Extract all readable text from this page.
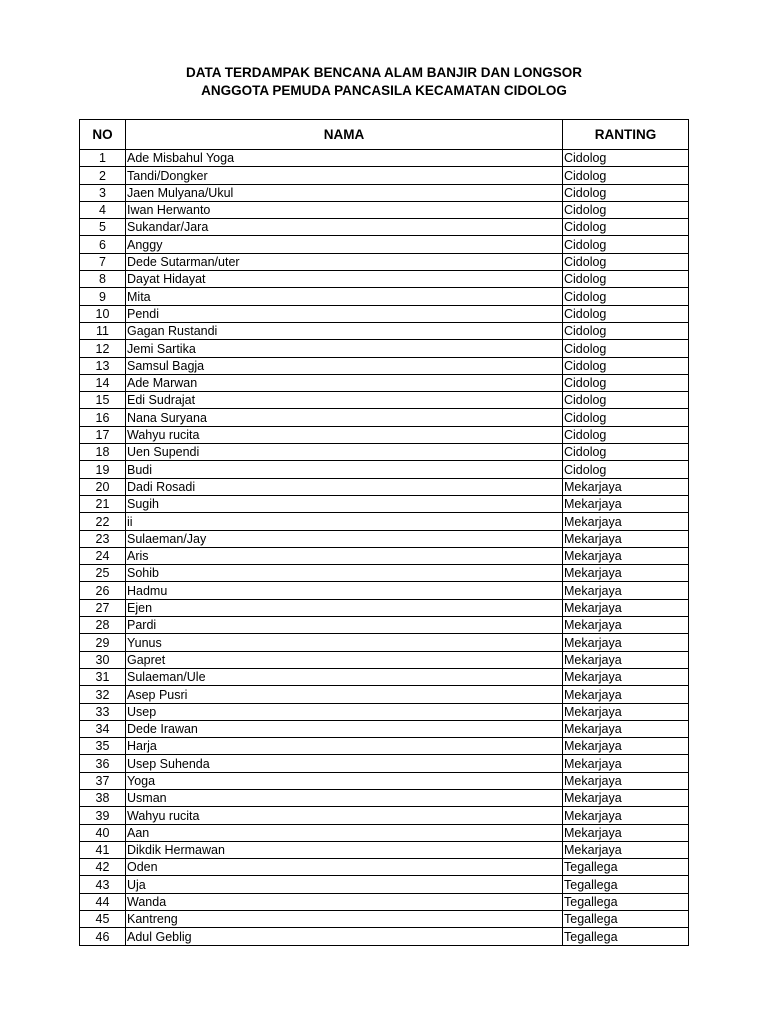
DATA TERDAMPAK BENCANA ALAM BANJIR DAN LONGSOR
ANGGOTA PEMUDA PANCASILA KECAMATAN CIDOLOG
NO	NAMA	RANTING
1	Ade Misbahul Yoga	Cidolog
2	Tandi/Dongker	Cidolog
3	Jaen Mulyana/Ukul	Cidolog
4	Iwan Herwanto	Cidolog
5	Sukandar/Jara	Cidolog
6	Anggy	Cidolog
7	Dede Sutarman/uter	Cidolog
8	Dayat Hidayat	Cidolog
9	Mita	Cidolog
10	Pendi	Cidolog
11	Gagan Rustandi	Cidolog
12	Jemi Sartika	Cidolog
13	Samsul Bagja	Cidolog
14	Ade Marwan	Cidolog
15	Edi Sudrajat	Cidolog
16	Nana Suryana	Cidolog
17	Wahyu rucita	Cidolog
18	Uen Supendi	Cidolog
19	Budi	Cidolog
20	Dadi Rosadi	Mekarjaya
21	Sugih	Mekarjaya
22	ii	Mekarjaya
23	Sulaeman/Jay	Mekarjaya
24	Aris	Mekarjaya
25	Sohib	Mekarjaya
26	Hadmu	Mekarjaya
27	Ejen	Mekarjaya
28	Pardi	Mekarjaya
29	Yunus	Mekarjaya
30	Gapret	Mekarjaya
31	Sulaeman/Ule	Mekarjaya
32	Asep Pusri	Mekarjaya
33	Usep	Mekarjaya
34	Dede Irawan	Mekarjaya
35	Harja	Mekarjaya
36	Usep Suhenda	Mekarjaya
37	Yoga	Mekarjaya
38	Usman	Mekarjaya
39	Wahyu rucita	Mekarjaya
40	Aan	Mekarjaya
41	Dikdik Hermawan	Mekarjaya
42	Oden	Tegallega
43	Uja	Tegallega
44	Wanda	Tegallega
45	Kantreng	Tegallega
46	Adul Geblig	Tegallega
